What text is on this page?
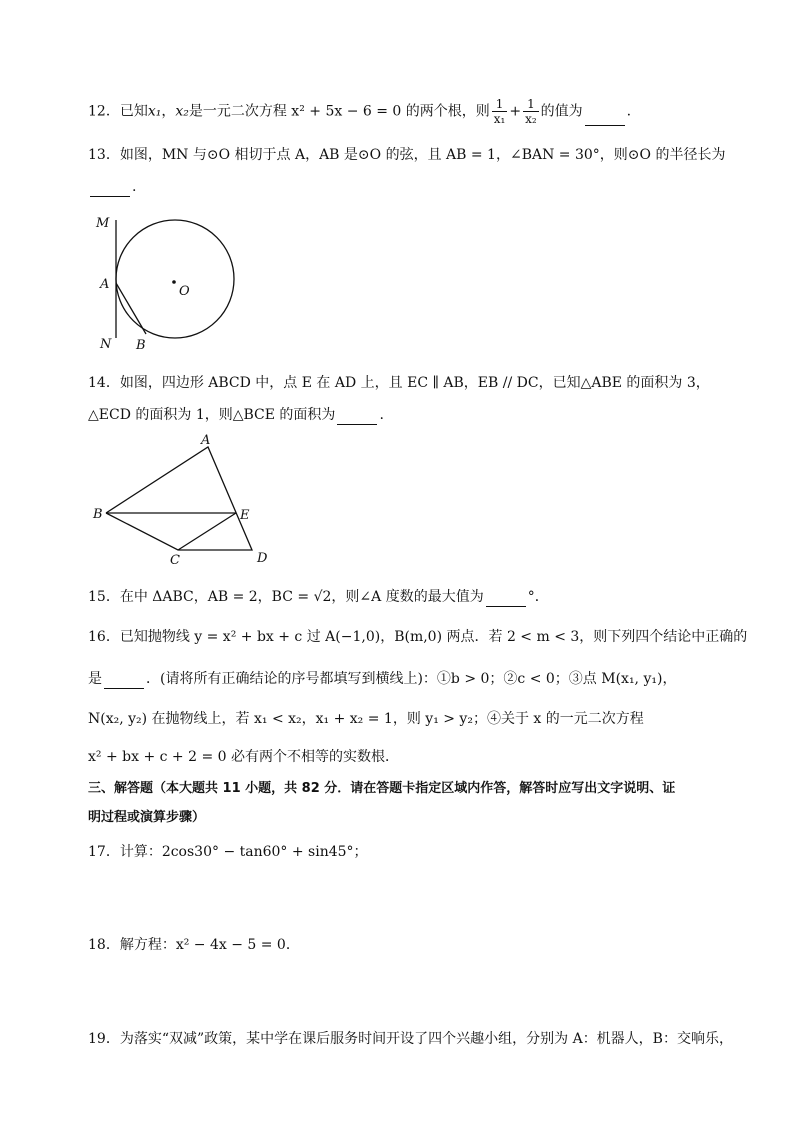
12．已知x₁，x₂是一元二次方程 x² + 5x − 6 = 0 的两个根，则 $\frac{1}{\text{x₁}} + \frac{1}{\text{x₂}}$ 的值为	.
13．如图，MN 与⊙O 相切于点 A，AB 是⊙O 的弦，且 AB = 1，∠BAN = 30°，则⊙O 的半径长为
.
M
A
N B
O
14．如图，四边形 ABCD 中，点 E 在 AD 上，且 EC ∥ AB，EB // DC，已知△ABE 的面积为 3，
△ECD 的面积为 1，则△BCE 的面积为	.
A
B	E
C	D
15．在中 ΔABC，AB = 2，BC = √2，则∠A 度数的最大值为	°．
16．已知抛物线 y = x² + bx + c 过 A(−1,0)，B(m,0) 两点．若 2 < m < 3，则下列四个结论中正确的
是	．(请将所有正确结论的序号都填写到横线上)：①b > 0；②c < 0；③点 M(x₁, y₁)，
N(x₂, y₂) 在抛物线上，若 x₁ < x₂，x₁ + x₂ = 1，则 y₁ > y₂；④关于 x 的一元二次方程
x² + bx + c + 2 = 0 必有两个不相等的实数根．
三、解答题（本大题共 11 小题，共 82 分．请在答题卡指定区域内作答，解答时应写出文字说明、证
明过程或演算步骤）
17．计算：2cos30° − tan60° + sin45°；
18．解方程：x² − 4x − 5 = 0．
19．为落实“双减”政策，某中学在课后服务时间开设了四个兴趣小组，分别为 A：机器人，B：交响乐，
